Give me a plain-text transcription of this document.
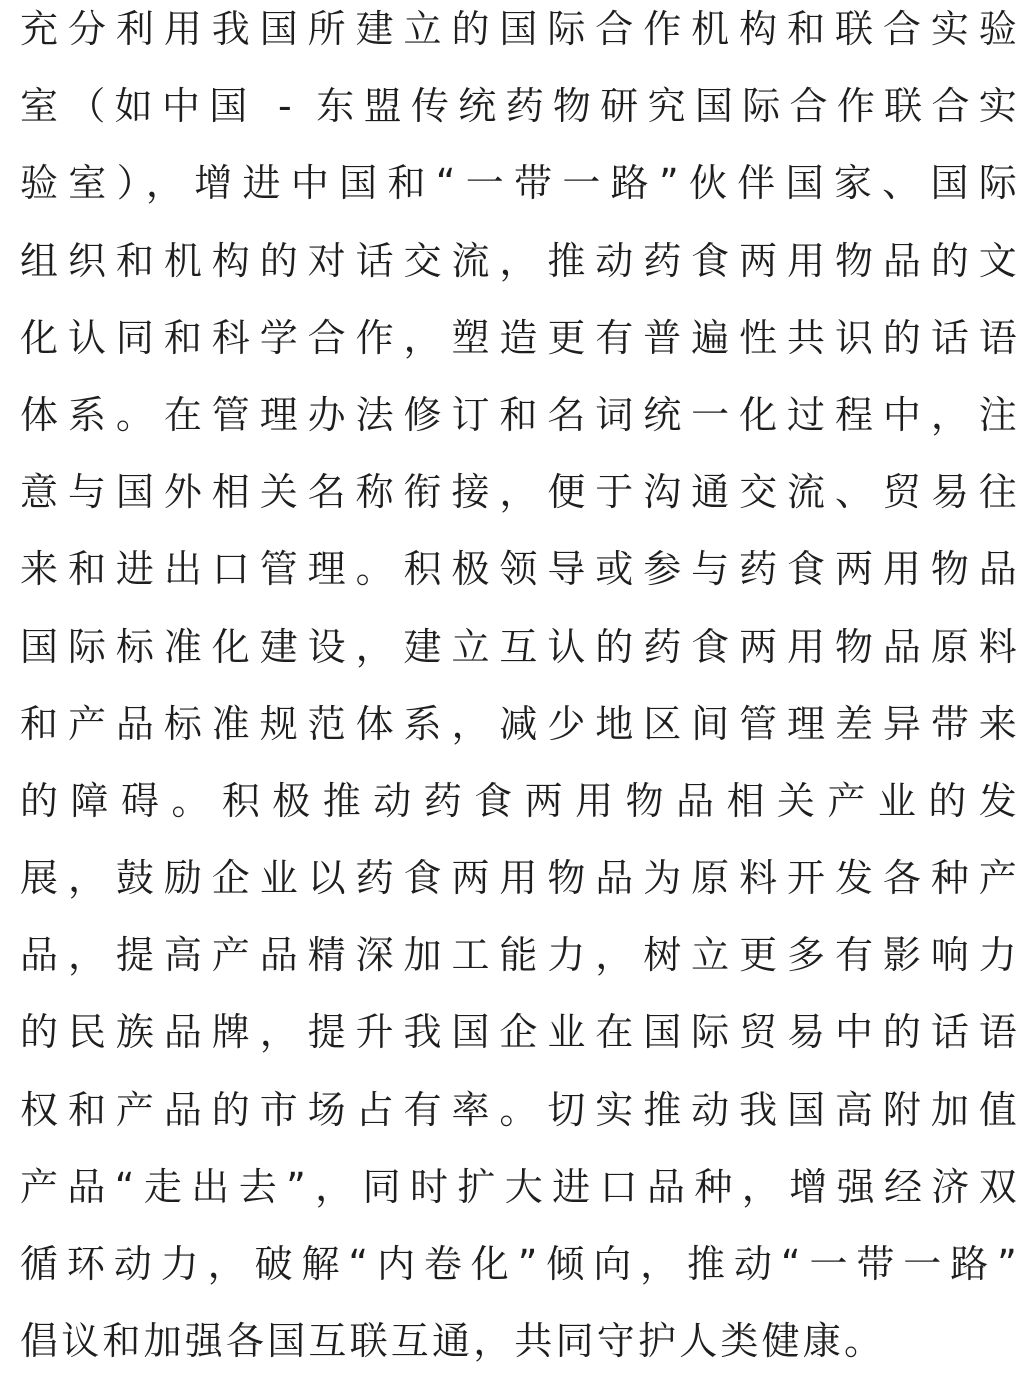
充分利用我国所建立的国际合作机构和联合实验
室（如中国 - 东盟传统药物研究国际合作联合实
验室），增进中国和“一带一路”伙伴国家、国际
组织和机构的对话交流，推动药食两用物品的文
化认同和科学合作，塑造更有普遍性共识的话语
体系。在管理办法修订和名词统一化过程中，注
意与国外相关名称衔接，便于沟通交流、贸易往
来和进出口管理。积极领导或参与药食两用物品
国际标准化建设，建立互认的药食两用物品原料
和产品标准规范体系，减少地区间管理差异带来
的障碍。积极推动药食两用物品相关产业的发
展，鼓励企业以药食两用物品为原料开发各种产
品，提高产品精深加工能力，树立更多有影响力
的民族品牌，提升我国企业在国际贸易中的话语
权和产品的市场占有率。切实推动我国高附加值
产品“走出去”，同时扩大进口品种，增强经济双
循环动力，破解“内卷化”倾向，推动“一带一路”
倡议和加强各国互联互通，共同守护人类健康。
